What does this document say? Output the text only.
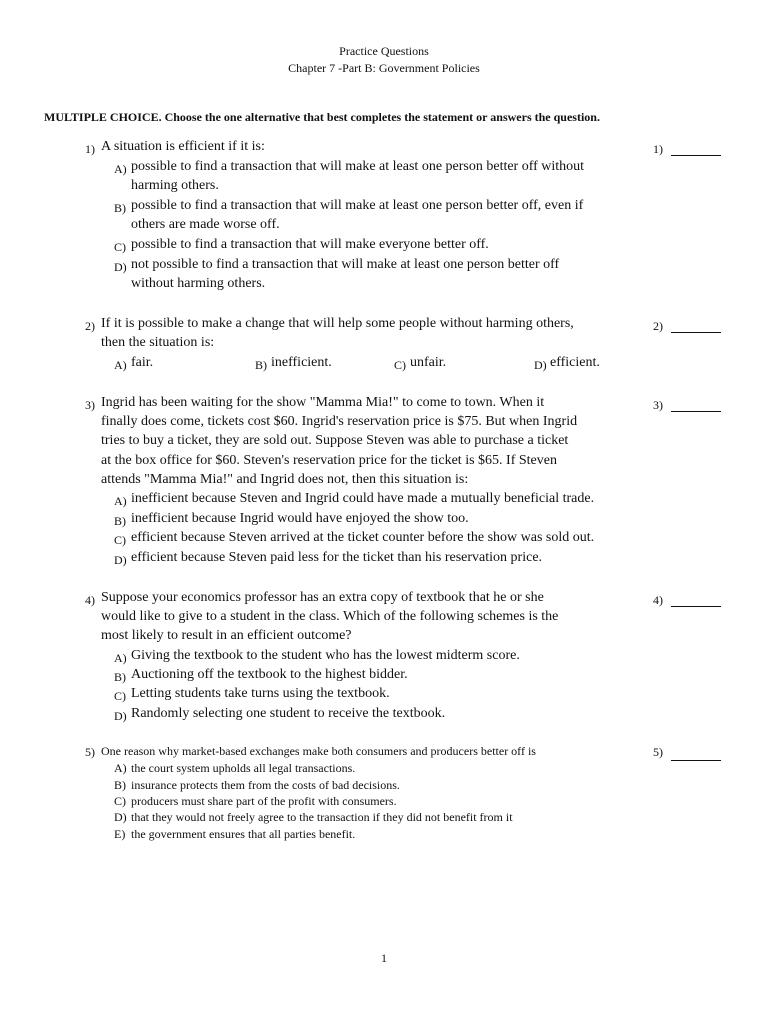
Practice Questions
Chapter 7 -Part B: Government Policies
MULTIPLE CHOICE. Choose the one alternative that best completes the statement or answers the question.
1) A situation is efficient if it is:
A) possible to find a transaction that will make at least one person better off without
harming others.
B) possible to find a transaction that will make at least one person better off, even if
others are made worse off.
C) possible to find a transaction that will make everyone better off.
D) not possible to find a transaction that will make at least one person better off
without harming others.
1)
2) If it is possible to make a change that will help some people without harming others,
then the situation is:
A) fair.	B) inefficient.	C) unfair.	D) efficient.
2)
3) Ingrid has been waiting for the show "Mamma Mia!" to come to town. When it
finally does come, tickets cost $60. Ingrid's reservation price is $75. But when Ingrid
tries to buy a ticket, they are sold out. Suppose Steven was able to purchase a ticket
at the box office for $60. Steven's reservation price for the ticket is $65. If Steven
attends "Mamma Mia!" and Ingrid does not, then this situation is:
A) inefficient because Steven and Ingrid could have made a mutually beneficial trade.
B) inefficient because Ingrid would have enjoyed the show too.
C) efficient because Steven arrived at the ticket counter before the show was sold out.
D) efficient because Steven paid less for the ticket than his reservation price.
3)
4) Suppose your economics professor has an extra copy of textbook that he or she
would like to give to a student in the class. Which of the following schemes is the
most likely to result in an efficient outcome?
A) Giving the textbook to the student who has the lowest midterm score.
B) Auctioning off the textbook to the highest bidder.
C) Letting students take turns using the textbook.
D) Randomly selecting one student to receive the textbook.
4)
5) One reason why market-based exchanges make both consumers and producers better off is
A) the court system upholds all legal transactions.
B) insurance protects them from the costs of bad decisions.
C) producers must share part of the profit with consumers.
D) that they would not freely agree to the transaction if they did not benefit from it
E) the government ensures that all parties benefit.
5)
1
